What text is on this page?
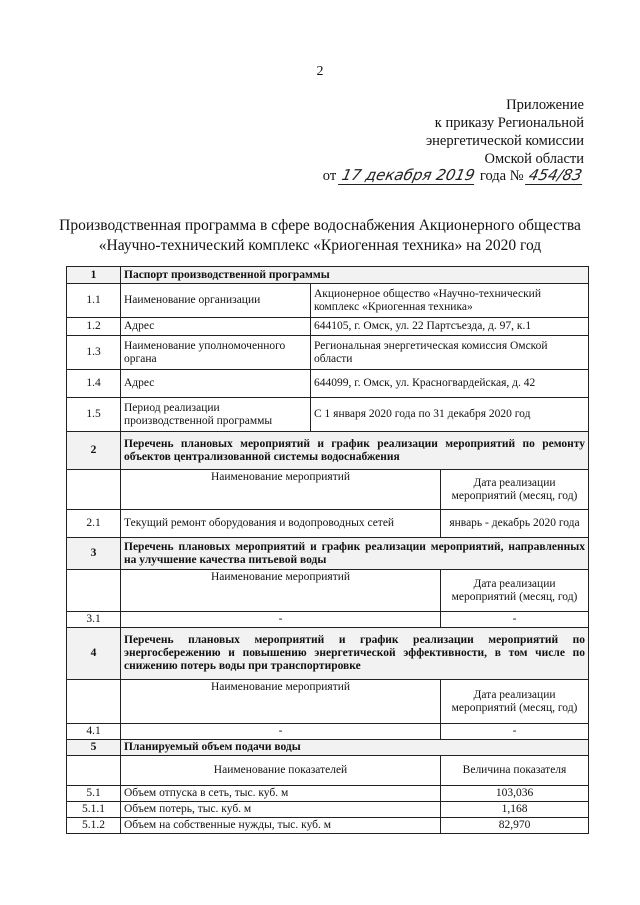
2
Приложение
к приказу Региональной
энергетической комиссии
Омской области
от 17 декабря 2019 года № 454/83
Производственная программа в сфере водоснабжения Акционерного общества
«Научно-технический комплекс «Криогенная техника» на 2020 год
1	Паспорт производственной программы		
1.1	Наименование организации	Акционерное общество «Научно-технический комплекс «Криогенная техника»	
1.2	Адрес	644105, г. Омск, ул. 22 Партсъезда, д. 97, к.1	
1.3	Наименование уполномоченного органа	Региональная энергетическая комиссия Омской области	
1.4	Адрес	644099, г. Омск, ул. Красногвардейская, д. 42	
1.5	Период реализации производственной программы	С 1 января 2020 года по 31 декабря 2020 год	
2	Перечень плановых мероприятий и график реализации мероприятий по ремонту объектов централизованной системы водоснабжения		
	Наименование мероприятий		Дата реализации мероприятий (месяц, год)
2.1	Текущий ремонт оборудования и водопроводных сетей		январь - декабрь 2020 года
3	Перечень плановых мероприятий и график реализации мероприятий, направленных на улучшение качества питьевой воды		
	Наименование мероприятий		Дата реализации мероприятий (месяц, год)
3.1	-		-
4	Перечень плановых мероприятий и график реализации мероприятий по энергосбережению и повышению энергетической эффективности, в том числе по снижению потерь воды при транспортировке		
	Наименование мероприятий		Дата реализации мероприятий (месяц, год)
4.1	-		-
5	Планируемый объем подачи воды		
	Наименование показателей		Величина показателя
5.1	Объем отпуска в сеть, тыс. куб. м		103,036
5.1.1	Объем потерь, тыс. куб. м		1,168
5.1.2	Объем на собственные нужды, тыс. куб. м		82,970
